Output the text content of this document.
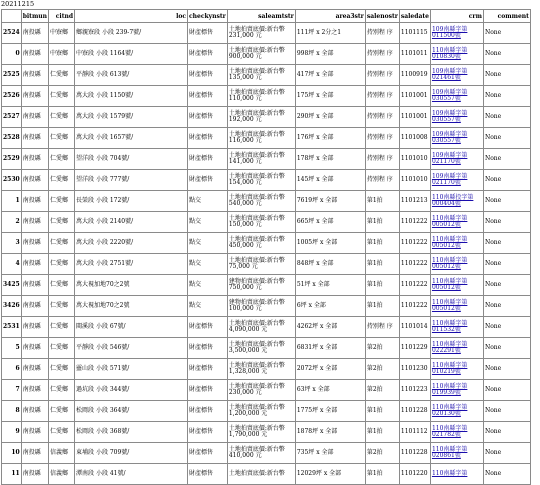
20211215
	bitmun	citnd	loc	checkynstr	saleamtstr	area3str	salenostr	saledate	crm	comment
2524	南投縣	中寮鄉	鄉親寮段 小段 239-7號/	財產標售	土地拍賣底價:新台幣 231,000 元	111坪 x 2分之1	持別程 序	1101115	109南縣字第 011500號	None
0	南投縣	中寮鄉	中寮段 小段 1164號/	財產標售	土地拍賣底價:新台幣 900,000 元	998坪 x 全部	持別程 序	1101011	110南縣字第 010830號	None
2525	南投縣	仁愛鄉	平靜段 小段 613號/	財產標售	土地拍賣底價:新台幣 135,000 元	417坪 x 全部	持別程 序	1100919	109南縣字第 021461號	None
2526	南投縣	仁愛鄉	萬大段 小段 1150號/	財產標售	土地拍賣底價:新台幣 110,000 元	175坪 x 全部	持別程 序	1101001	109南縣字第 030557號	None
2527	南投縣	仁愛鄉	萬大段 小段 1579號/	財產標售	土地拍賣底價:新台幣 192,000 元	290坪 x 全部	持別程 序	1101001	109南縣字第 030557號	None
2528	南投縣	仁愛鄉	萬大段 小段 1657號/	財產標售	土地拍賣底價:新台幣 116,000 元	176坪 x 全部	持別程 序	1101008	109南縣字第 030557號	None
2529	南投縣	仁愛鄉	望洋段 小段 704號/	財產標售	土地拍賣底價:新台幣 141,000 元	178坪 x 全部	持別程 序	1101010	109南縣字第 021170號	None
2530	南投縣	仁愛鄉	望洋段 小段 777號/	財產標售	土地拍賣底價:新台幣 154,000 元	145坪 x 全部	持別程 序	1101010	109南縣字第 021170號	None
1	南投縣	仁愛鄉	長榮段 小段 172號/	點交	土地拍賣底價:新台幣 540,000 元	7619坪 x 全部	第1拍	1101213	110南縣投字第 000404號	None
2	南投縣	仁愛鄉	萬大段 小段 2140號/	點交	土地拍賣底價:新台幣 150,000 元	665坪 x 全部	第1拍	1101222	110南縣字第 005012號	None
3	南投縣	仁愛鄉	萬大段 小段 2220號/	點交	土地拍賣底價:新台幣 450,000 元	1005坪 x 全部	第1拍	1101222	110南縣字第 005012號	None
4	南投縣	仁愛鄉	萬大段 小段 2751號/	點交	土地拍賣底價:新台幣 75,000 元	848坪 x 全部	第1拍	1101222	110南縣字第 005012號	None
3425	南投縣	仁愛鄉	萬大視加地70之2號	點交	建物拍賣底價:新台幣 750,000 元	51坪 x 全部	第1拍	1101222	110南縣字第 005012號	None
3426	南投縣	仁愛鄉	萬大視加地70之2號	點交	建物拍賣底價:新台幣 100,000 元	6坪 x 全部	第1拍	1101222	110南縣字第 005012號	None
2531	南投縣	仁愛鄉	閩溪段 小段 67號/	財產標售	土地拍賣底價:新台幣 4,090,000 元	4262坪 x 全部	持別程 序	1101014	110南縣字第 011532號	None
5	南投縣	仁愛鄉	平靜段 小段 546號/	財產標售	土地拍賣底價:新台幣 3,500,000 元	6831坪 x 全部	第2拍	1101229	110南縣字第 022291號	None
6	南投縣	仁愛鄉	靈山段 小段 571號/	財產標售	土地拍賣底價:新台幣 1,328,000 元	2072坪 x 全部	第2拍	1101230	110南縣字第 010219號	None
7	南投縣	仁愛鄉	過坑段 小段 344號/	財產標售	土地拍賣底價:新台幣 230,000 元	63坪 x 全部	第2拍	1101223	110南縣字第 019939號	None
8	南投縣	仁愛鄉	松岡段 小段 364號/	財產標售	土地拍賣底價:新台幣 1,200,000 元	1775坪 x 全部	第1拍	1101228	110南縣字第 020130號	None
9	南投縣	仁愛鄉	松岡段 小段 368號/	財產標售	土地拍賣底價:新台幣 1,790,000 元	1878坪 x 全部	第1拍	1101112	110南縣字第 021782號	None
10	南投縣	信義鄉	東埔段 小段 709號/	財產標售	土地拍賣底價:新台幣 410,000 元	735坪 x 全部	第2拍	1101228	110南縣字第 020861號	None
11	南投縣	信義鄉	潭南段 小段 41號/	財產標售	土地拍賣底價:新台幣	12029坪 x 全部	第1拍	1101220	110南縣字第	None
